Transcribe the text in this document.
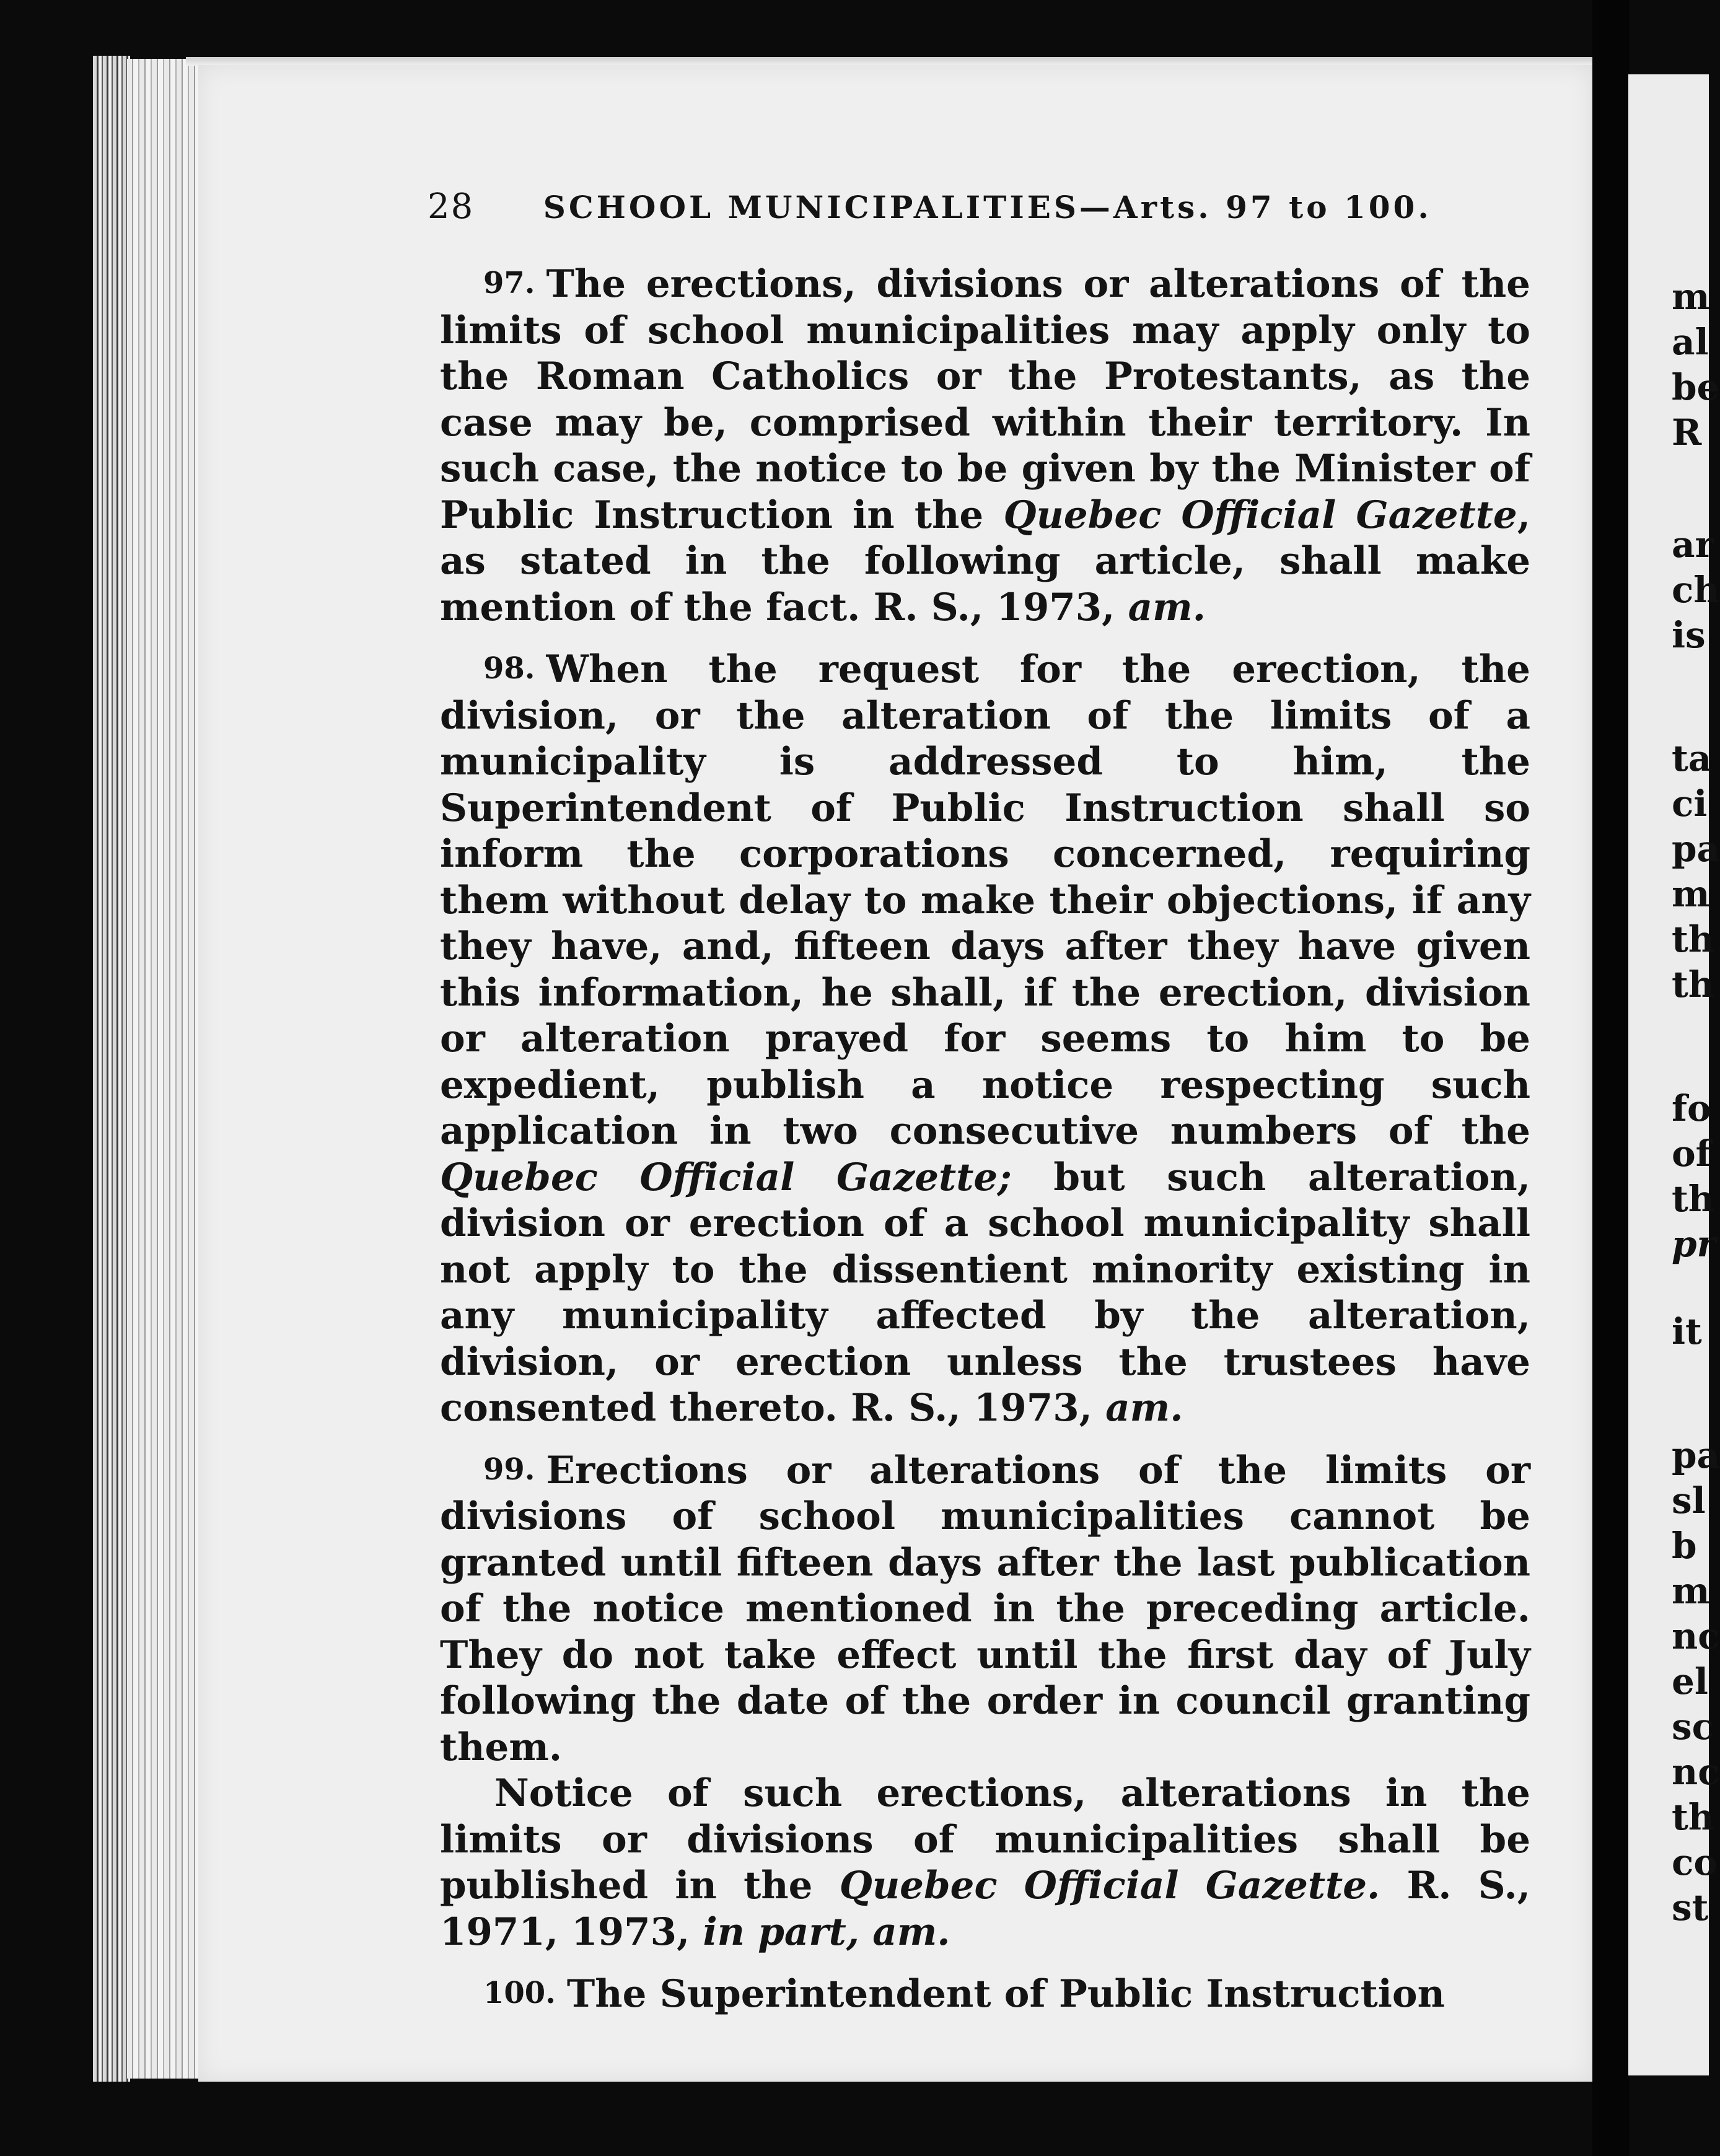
28 SCHOOL MUNICIPALITIES—Arts. 97 to 100.

97. The erections, divisions or alterations of the limits of school municipalities may apply only to the Roman Catholics or the Protestants, as the case may be, comprised within their territory. In such case, the notice to be given by the Minister of Public Instruction in the Quebec Official Gazette, as stated in the following article, shall make mention of the fact. R. S., 1973, am.

98. When the request for the erection, the division, or the alteration of the limits of a municipality is addressed to him, the Superintendent of Public Instruction shall so inform the corporations concerned, requiring them without delay to make their objections, if any they have, and, fifteen days after they have given this information, he shall, if the erection, division or alteration prayed for seems to him to be expedient, publish a notice respecting such application in two consecutive numbers of the Quebec Official Gazette; but such alteration, division or erection of a school municipality shall not apply to the dissentient minority existing in any municipality affected by the alteration, division, or erection unless the trustees have consented thereto. R. S., 1973, am.

99. Erections or alterations of the limits or divisions of school municipalities cannot be granted until fifteen days after the last publication of the notice mentioned in the preceding article. They do not take effect until the first day of July following the date of the order in council granting them.

Notice of such erections, alterations in the limits or divisions of municipalities shall be published in the Quebec Official Gazette. R. S., 1971, 1973, in part, am.

100. The Superintendent of Public Instruction

m
al
be
R
ar
ch
is
ta
ci
pa
m
th
th
fo
of
th
pr
it
pa
sl
b
m
nc
el
sc
nc
th
co
st
